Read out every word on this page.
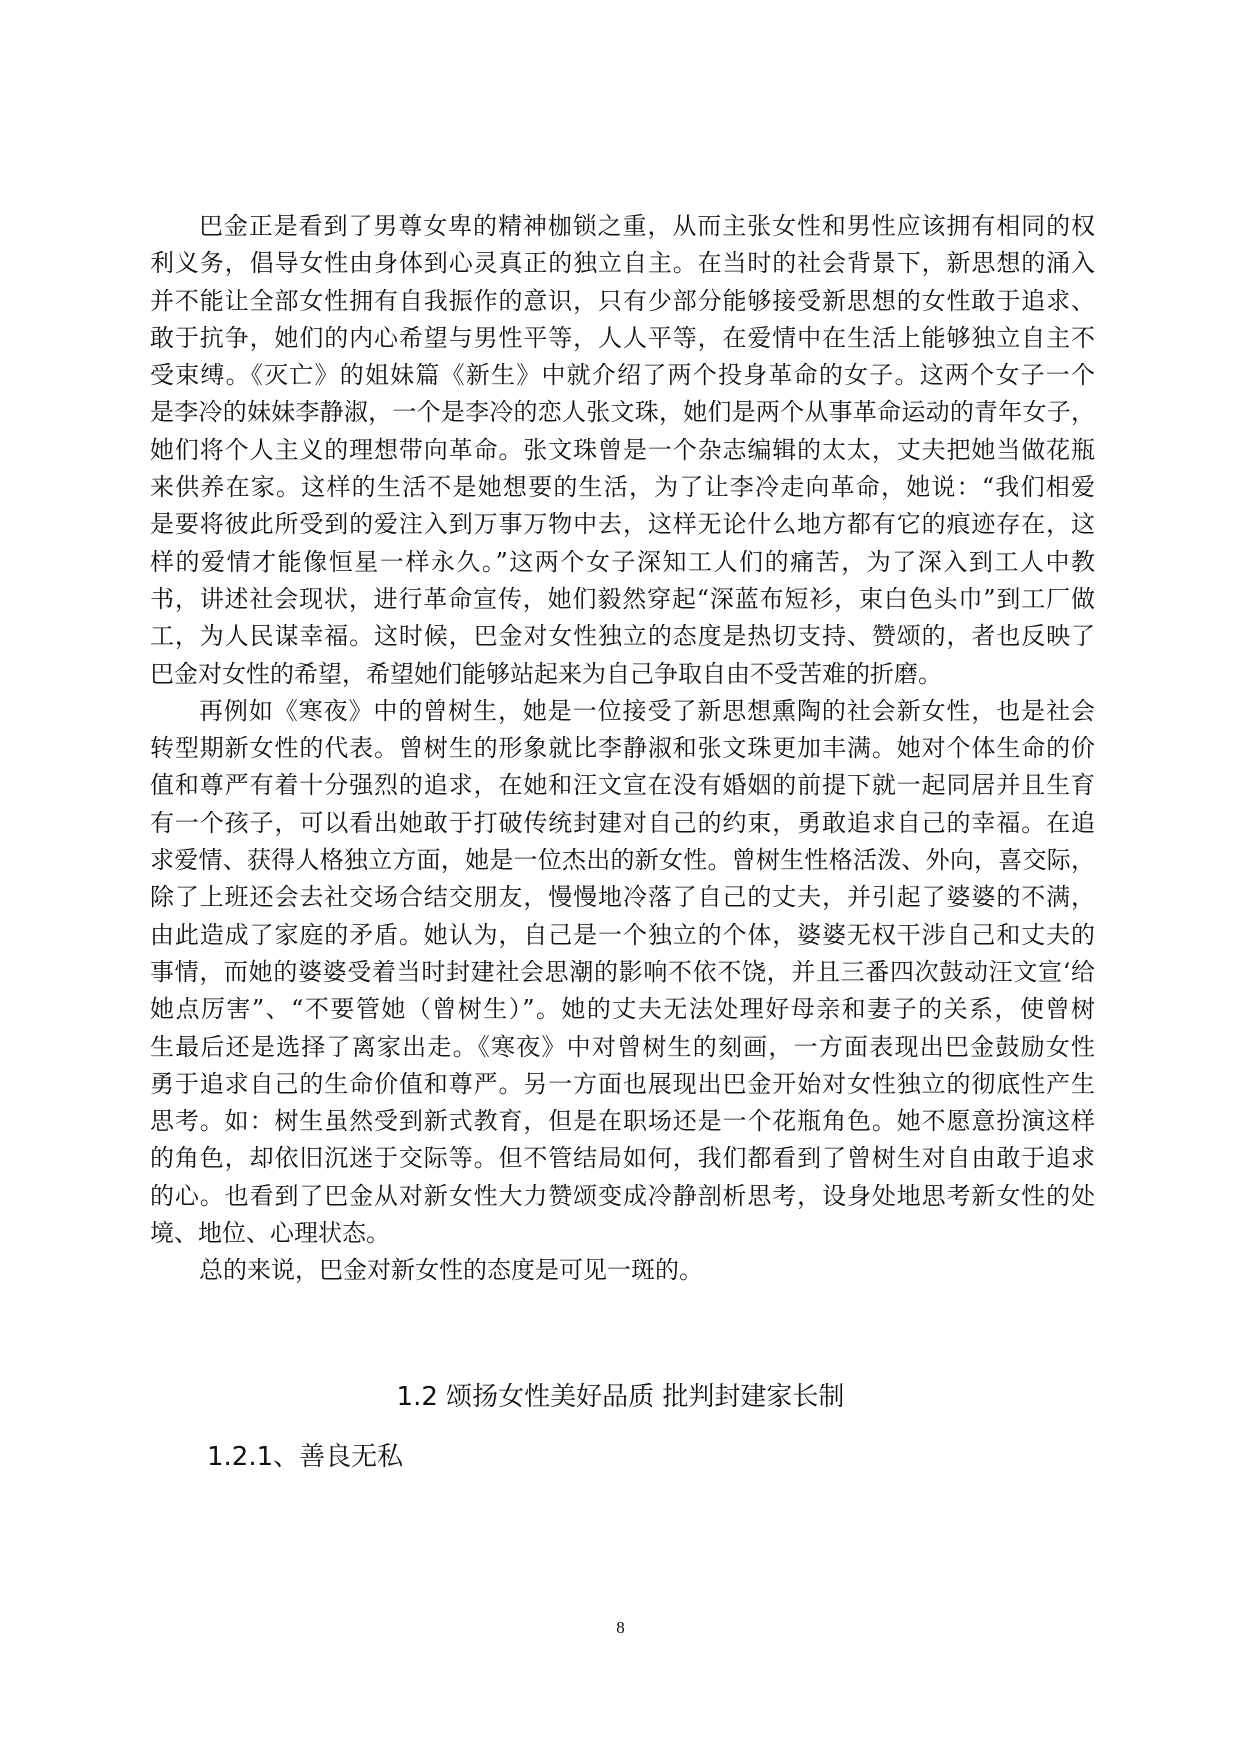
巴金正是看到了男尊女卑的精神枷锁之重，从而主张女性和男性应该拥有相同的权
利义务，倡导女性由身体到心灵真正的独立自主。在当时的社会背景下，新思想的涌入
并不能让全部女性拥有自我振作的意识，只有少部分能够接受新思想的女性敢于追求、
敢于抗争，她们的内心希望与男性平等，人人平等，在爱情中在生活上能够独立自主不
受束缚。《灭亡》的姐妹篇《新生》中就介绍了两个投身革命的女子。这两个女子一个
是李冷的妹妹李静淑，一个是李冷的恋人张文珠，她们是两个从事革命运动的青年女子，
她们将个人主义的理想带向革命。张文珠曾是一个杂志编辑的太太，丈夫把她当做花瓶
来供养在家。这样的生活不是她想要的生活，为了让李冷走向革命，她说：“我们相爱
是要将彼此所受到的爱注入到万事万物中去，这样无论什么地方都有它的痕迹存在，这
样的爱情才能像恒星一样永久。”这两个女子深知工人们的痛苦，为了深入到工人中教
书，讲述社会现状，进行革命宣传，她们毅然穿起“深蓝布短衫，束白色头巾”到工厂做
工，为人民谋幸福。这时候，巴金对女性独立的态度是热切支持、赞颂的，者也反映了
巴金对女性的希望，希望她们能够站起来为自己争取自由不受苦难的折磨。
再例如《寒夜》中的曾树生，她是一位接受了新思想熏陶的社会新女性，也是社会
转型期新女性的代表。曾树生的形象就比李静淑和张文珠更加丰满。她对个体生命的价
值和尊严有着十分强烈的追求，在她和汪文宣在没有婚姻的前提下就一起同居并且生育
有一个孩子，可以看出她敢于打破传统封建对自己的约束，勇敢追求自己的幸福。在追
求爱情、获得人格独立方面，她是一位杰出的新女性。曾树生性格活泼、外向，喜交际，
除了上班还会去社交场合结交朋友，慢慢地冷落了自己的丈夫，并引起了婆婆的不满，
由此造成了家庭的矛盾。她认为，自己是一个独立的个体，婆婆无权干涉自己和丈夫的
事情，而她的婆婆受着当时封建社会思潮的影响不依不饶，并且三番四次鼓动汪文宣‘给
她点厉害”、“不要管她（曾树生）”。她的丈夫无法处理好母亲和妻子的关系，使曾树
生最后还是选择了离家出走。《寒夜》中对曾树生的刻画，一方面表现出巴金鼓励女性
勇于追求自己的生命价值和尊严。另一方面也展现出巴金开始对女性独立的彻底性产生
思考。如：树生虽然受到新式教育，但是在职场还是一个花瓶角色。她不愿意扮演这样
的角色，却依旧沉迷于交际等。但不管结局如何，我们都看到了曾树生对自由敢于追求
的心。也看到了巴金从对新女性大力赞颂变成冷静剖析思考，设身处地思考新女性的处
境、地位、心理状态。
总的来说，巴金对新女性的态度是可见一斑的。
1.2 颂扬女性美好品质 批判封建家长制
1.2.1、善良无私
8
